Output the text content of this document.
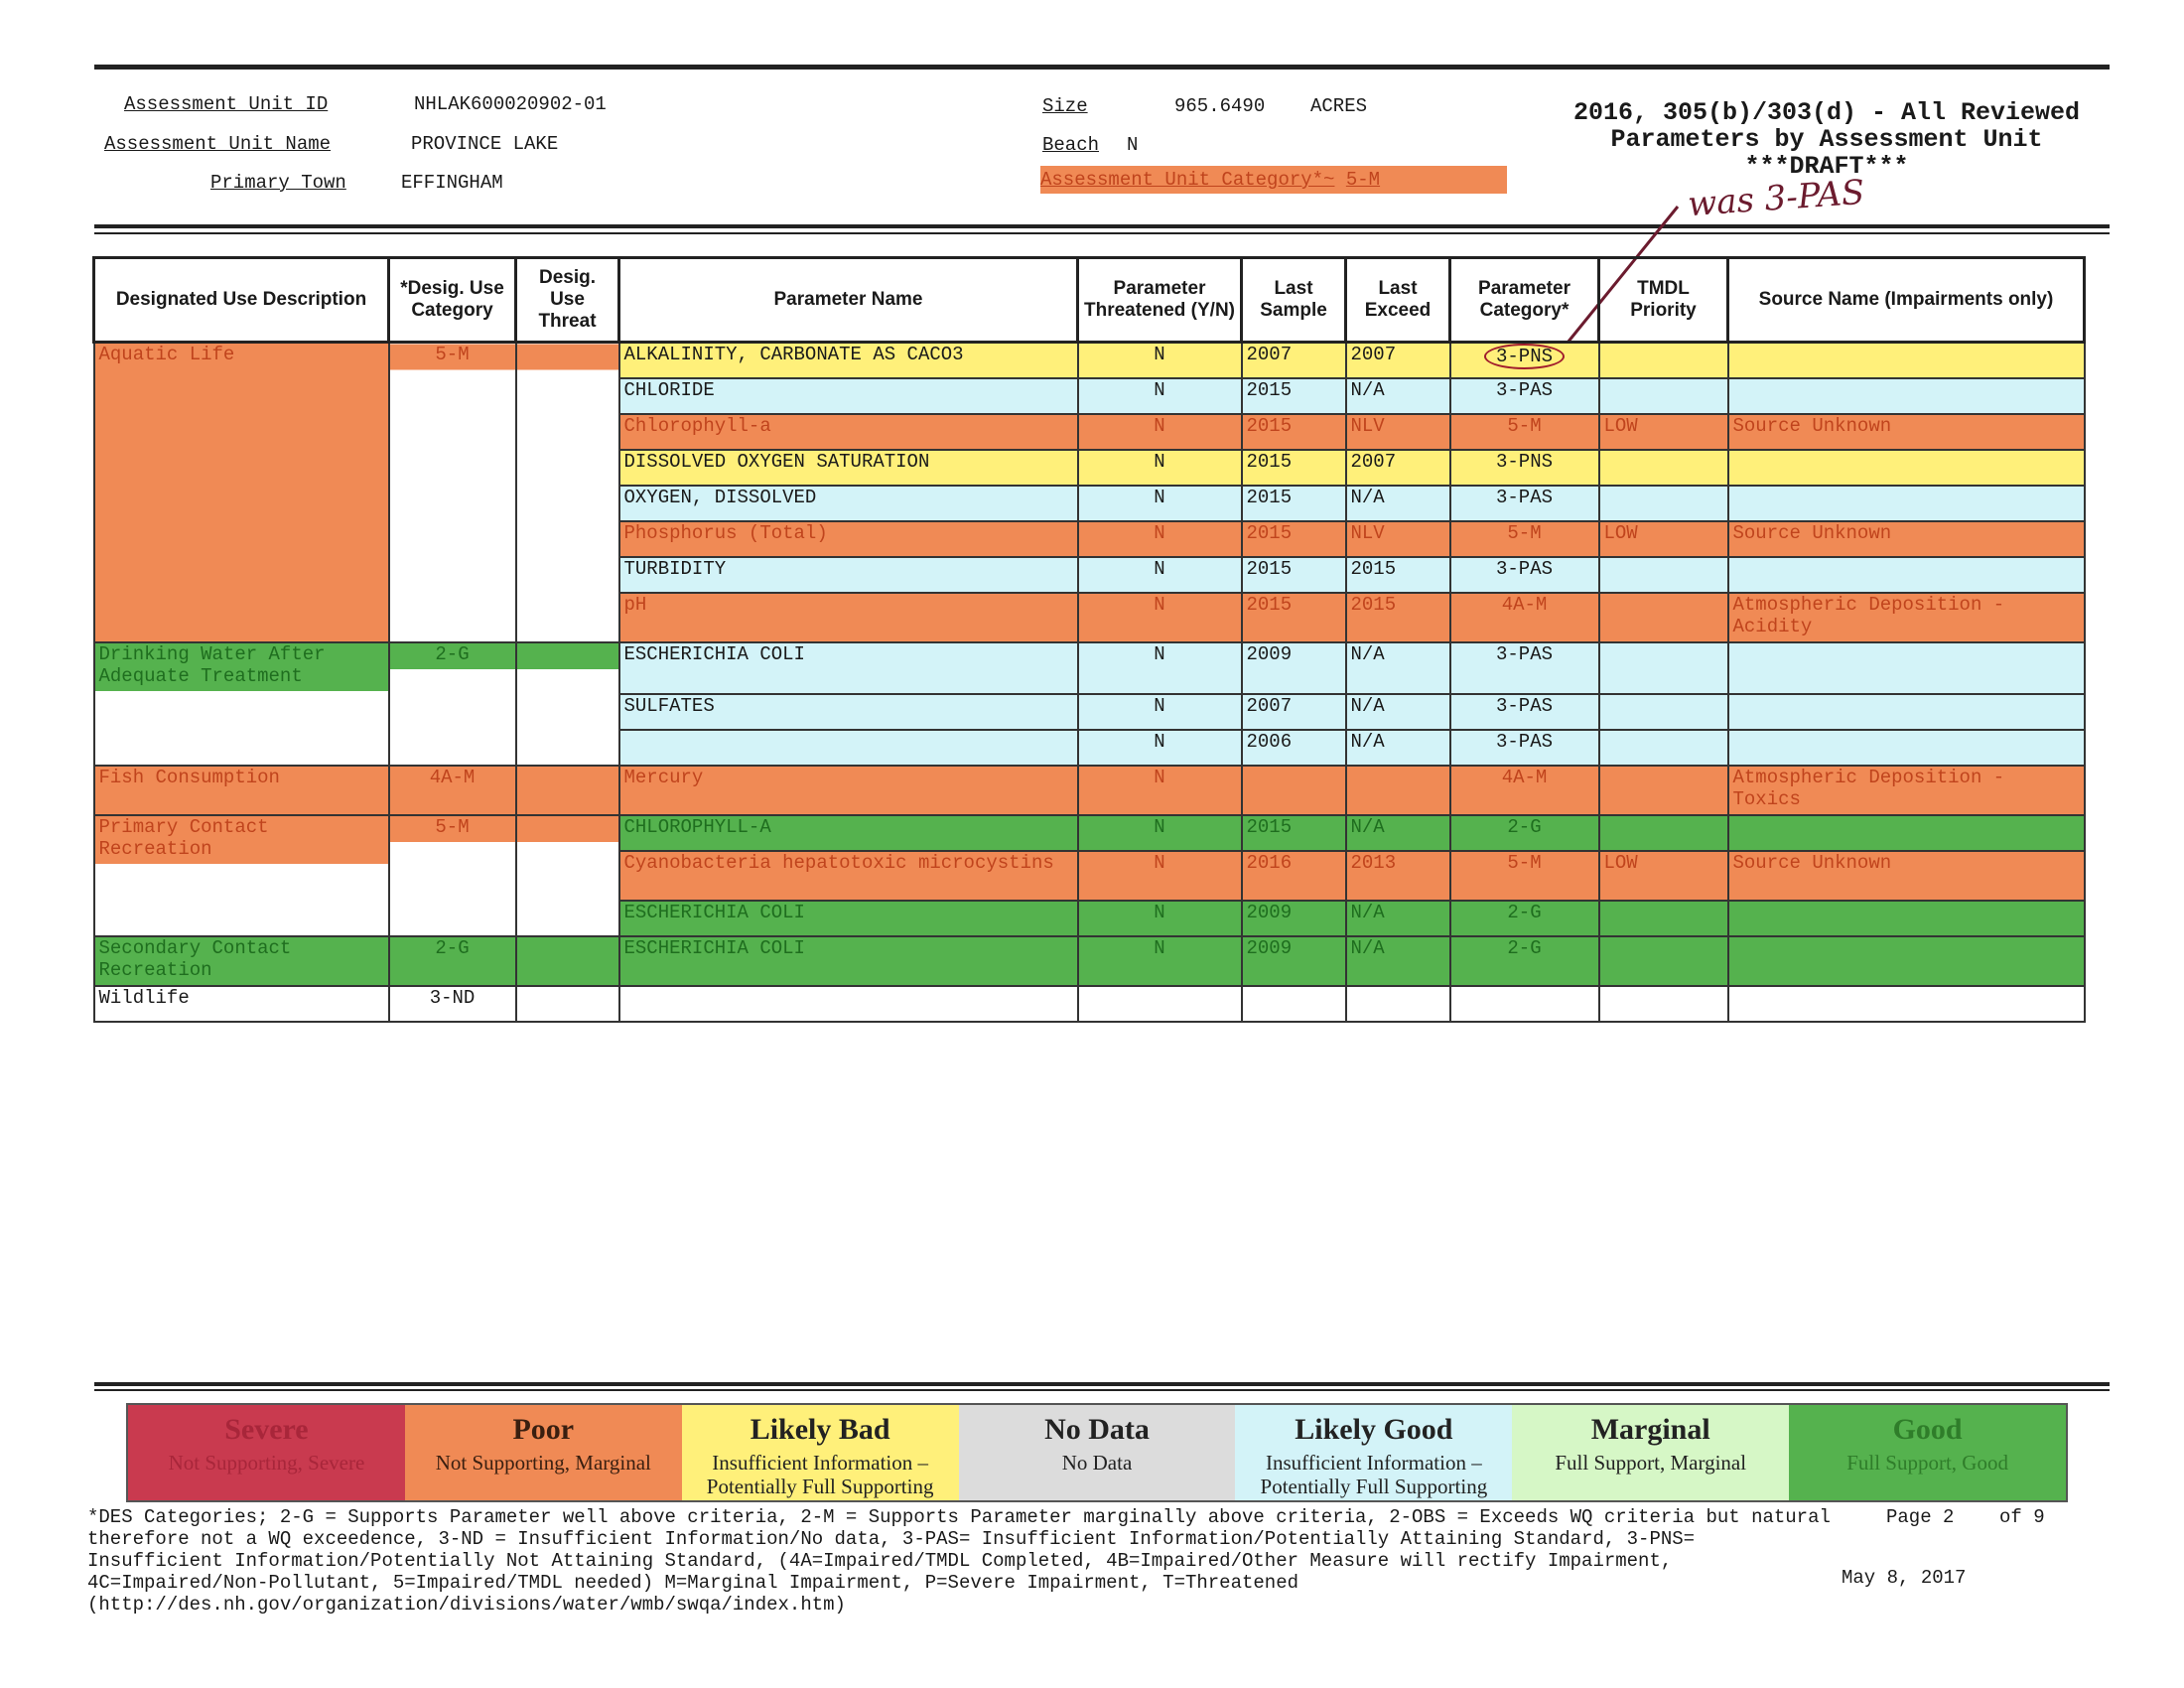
Assessment Unit ID	NHLAK600020902-01
Assessment Unit Name	PROVINCE LAKE
Primary Town	EFFINGHAM
Size	965.6490 ACRES
Beach N
Assessment Unit Category*~ 5-M
2016, 305(b)/303(d) - All Reviewed
Parameters by Assessment Unit
***DRAFT***
was 3-PAS
Designated Use Description	*Desig. Use Category	Desig. Use Threat	Parameter Name	Parameter Threatened (Y/N)	Last Sample	Last Exceed	Parameter Category*	TMDL Priority	Source Name (Impairments only)

Aquatic Life	5-M		ALKALINITY, CARBONATE AS CACO3	N	2007	2007	3-PNS		
			CHLORIDE	N	2015	N/A	3-PAS		
			Chlorophyll-a	N	2015	NLV	5-M	LOW	Source Unknown
			DISSOLVED OXYGEN SATURATION	N	2015	2007	3-PNS		
			OXYGEN, DISSOLVED	N	2015	N/A	3-PAS		
			Phosphorus (Total)	N	2015	NLV	5-M	LOW	Source Unknown
			TURBIDITY	N	2015	2015	3-PAS		
			pH	N	2015	2015	4A-M		Atmospheric Deposition - Acidity
Drinking Water After Adequate Treatment	2-G		ESCHERICHIA COLI	N	2009	N/A	3-PAS		
			SULFATES	N	2007	N/A	3-PAS		
				N	2006	N/A	3-PAS		
Fish Consumption	4A-M		Mercury	N			4A-M		Atmospheric Deposition - Toxics
Primary Contact Recreation	5-M		CHLOROPHYLL-A	N	2015	N/A	2-G		
			Cyanobacteria hepatotoxic microcystins	N	2016	2013	5-M	LOW	Source Unknown
			ESCHERICHIA COLI	N	2009	N/A	2-G		
Secondary Contact Recreation	2-G		ESCHERICHIA COLI	N	2009	N/A	2-G		
Wildlife	3-ND								
Severe
Not Supporting, Severe
Poor
Not Supporting, Marginal
Likely Bad
Insufficient Information – Potentially Full Supporting
No Data
No Data
Likely Good
Insufficient Information – Potentially Full Supporting
Marginal
Full Support, Marginal
Good
Full Support, Good
*DES Categories; 2-G = Supports Parameter well above criteria, 2-M = Supports Parameter marginally above criteria, 2-OBS = Exceeds WQ criteria but natural therefore not a WQ exceedence, 3-ND = Insufficient Information/No data, 3-PAS= Insufficient Information/Potentially Attaining Standard, 3-PNS= Insufficient Information/Potentially Not Attaining Standard, (4A=Impaired/TMDL Completed, 4B=Impaired/Other Measure will rectify Impairment, 4C=Impaired/Non-Pollutant, 5=Impaired/TMDL needed) M=Marginal Impairment, P=Severe Impairment, T=Threatened (http://des.nh.gov/organization/divisions/water/wmb/swqa/index.htm)
Page 2 of 9
May 8, 2017
